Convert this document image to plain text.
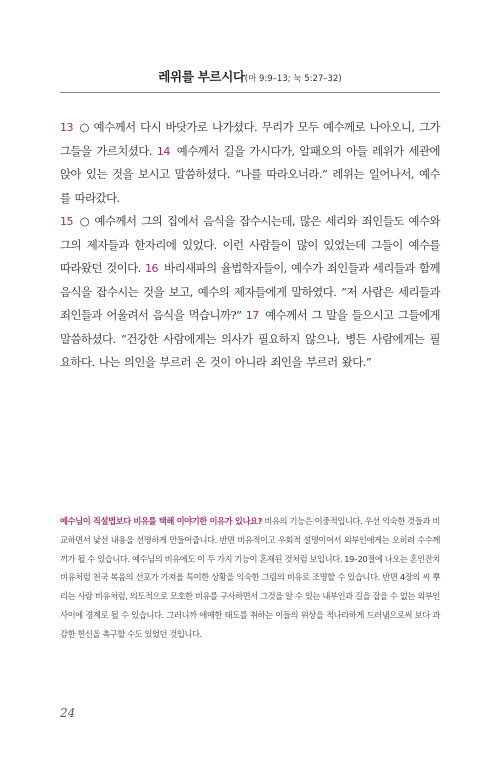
레위를 부르시다(마 9:9–13; 눅 5:27–32)

13 ○ 예수께서 다시 바닷가로 나가셨다. 무리가 모두 예수께로 나아오니, 그가 그들을 가르치셨다. 14 예수께서 길을 가시다가, 알패오의 아들 레위가 세관에 앉아 있는 것을 보시고 말씀하셨다. “나를 따라오너라.” 레위는 일어나서, 예수를 따라갔다.

15 ○ 예수께서 그의 집에서 음식을 잡수시는데, 많은 세리와 죄인들도 예수와 그의 제자들과 한자리에 있었다. 이런 사람들이 많이 있었는데 그들이 예수를 따라왔던 것이다. 16 바리새파의 율법학자들이, 예수가 죄인들과 세리들과 함께 음식을 잡수시는 것을 보고, 예수의 제자들에게 말하였다. “저 사람은 세리들과 죄인들과 어울려서 음식을 먹습니까?” 17 예수께서 그 말을 들으시고 그들에게 말씀하셨다. “건강한 사람에게는 의사가 필요하지 않으나, 병든 사람에게는 필요하다. 나는 의인을 부르러 온 것이 아니라 죄인을 부르러 왔다.”

예수님이 직설법보다 비유를 택해 이야기한 이유가 있나요? 비유의 기능은 이중적입니다. 우선 익숙한 것들과 비교하면서 낯선 내용을 선명하게 만들어줍니다. 반면 비유적이고 우회적 설명이어서 외부인에게는 오히려 수수께끼가 될 수 있습니다. 예수님의 비유에도 이 두 가지 기능이 혼재된 것처럼 보입니다. 19–20절에 나오는 혼인잔치 비유처럼 천국 복음의 선포가 가져올 특이한 상황을 익숙한 그림의 비유로 조명할 수 있습니다. 반면 4장의 씨 뿌리는 사람 비유처럼, 의도적으로 모호한 비유를 구사하면서 그것을 알 수 있는 내부인과 길을 잡을 수 없는 외부인 사이에 경계로 될 수 있습니다. 그러니까 애매한 태도를 취하는 이들의 위상을 적나라하게 드러냄으로써 보다 과감한 헌신을 촉구할 수도 있었던 것입니다.
24
